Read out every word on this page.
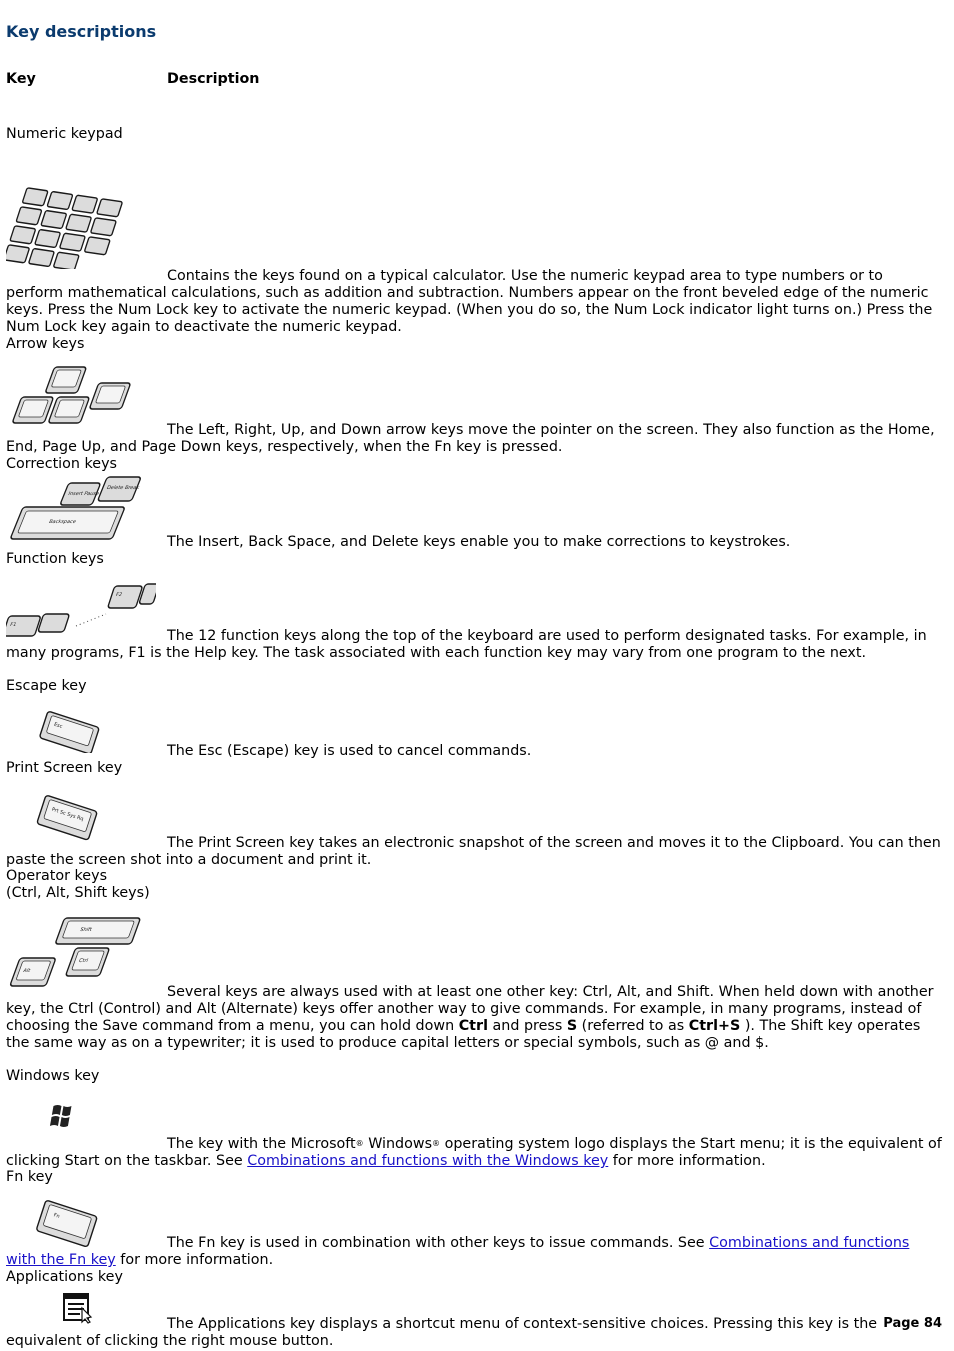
Key descriptions
Key	Description
Numeric keypad

Contains the keys found on a typical calculator. Use the numeric keypad area to type numbers or to perform mathematical calculations, such as addition and subtraction. Numbers appear on the front beveled edge of the numeric keys. Press the Num Lock key to activate the numeric keypad. (When you do so, the Num Lock indicator light turns on.) Press the Num Lock key again to deactivate the numeric keypad.

Arrow keys

The Left, Right, Up, and Down arrow keys move the pointer on the screen. They also function as the Home, End, Page Up, and Page Down keys, respectively, when the Fn key is pressed.

Correction keys
Insert Pause
Delete Break
Backspace

The Insert, Back Space, and Delete keys enable you to make corrections to keystrokes.

Function keys
F1
F2

The 12 function keys along the top of the keyboard are used to perform designated tasks. For example, in many programs, F1 is the Help key. The task associated with each function key may vary from one program to the next.

Escape key
Esc

The Esc (Escape) key is used to cancel commands.

Print Screen key
Prt Sc Sys Rq

The Print Screen key takes an electronic snapshot of the screen and moves it to the Clipboard. You can then paste the screen shot into a document and print it.

Operator keys
(Ctrl, Alt, Shift keys)
Shift
Ctrl
Alt

Several keys are always used with at least one other key: Ctrl, Alt, and Shift. When held down with another key, the Ctrl (Control) and Alt (Alternate) keys offer another way to give commands. For example, in many programs, instead of choosing the Save command from a menu, you can hold down Ctrl and press S (referred to as Ctrl+S ). The Shift key operates the same way as on a typewriter; it is used to produce capital letters or special symbols, such as @ and $.

Windows key

The key with the Microsoft® Windows® operating system logo displays the Start menu; it is the equivalent of clicking Start on the taskbar. See Combinations and functions with the Windows key for more information.

Fn key
Fn

The Fn key is used in combination with other keys to issue commands. See Combinations and functions with the Fn key for more information.

Applications key

The Applications key displays a shortcut menu of context-sensitive choices. Pressing this key is the equivalent of clicking the right mouse button.

Page 84
